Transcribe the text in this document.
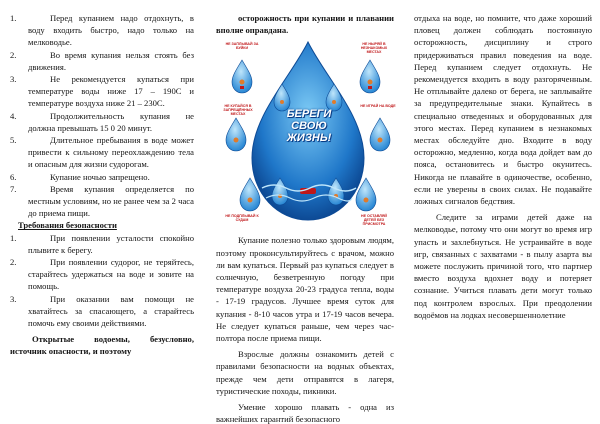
1.	Перед купанием надо отдохнуть, в воду входить быстро, надо только на мелководье.

2.	Во время купания нельзя стоять без движения.

3.	Не рекомендуется купаться при температуре воды ниже 17 – 190С и температуре воздуха ниже 21 – 230С.

4.	Продолжительность купания не должна превышать 15 0 20 минут.

5.	Длительное пребывания в воде может привести к сильному переохлаждению тела и опасным для жизни судорогам.

6.	Купание ночью запрещено.

7.	Время купания определяется по местным условиям, но не ранее чем за 2 часа до приема пищи.

Требования безопасности

1.	При появлении усталости спокойно плывите к берегу.

2.	При появлении судорог, не теряйтесь, старайтесь удержаться на воде и зовите на помощь.

3.	При оказании вам помощи не хватайтесь за спасающего, а старайтесь помочь ему своими действиями.

Открытые водоемы, безусловно, источник опасности, и поэтому

осторожность при купании и плавании вполне оправдана.

БЕРЕГИ
СВОЮ
ЖИЗНЬ!
НЕ ЗАПЛЫВАЙ ЗА БУЙКИ
НЕ НЫРЯЙ В НЕЗНАКОМЫХ МЕСТАХ
НЕ КУПАЙСЯ В ЗАПРЕЩЁННЫХ МЕСТАХ
НЕ ИГРАЙ НА ВОДЕ
НЕ ПОДПЛЫВАЙ К СУДАМ
НЕ ОСТАВЛЯЙ ДЕТЕЙ БЕЗ ПРИСМОТРА

Купание полезно только здоровым людям, поэтому проконсультируйтесь с врачом, можно ли вам купаться. Первый раз купаться следует в солнечную, безветренную погоду при температуре воздуха 20-23 градуса тепла, воды - 17-19 градусов. Лучшее время суток для купания - 8-10 часов утра и 17-19 часов вечера. Не следует купаться раньше, чем через час-полтора после приема пищи.

Взрослые должны ознакомить детей с правилами безопасности на водных объектах, прежде чем дети отправятся в лагеря, туристические походы, пикники.

Умение хорошо плавать - одна из важнейших гарантий безопасного

отдыха на воде, но помните, что даже хороший пловец должен соблюдать постоянную осторожность, дисциплину и строго придерживаться правил поведения на воде. Перед купанием следует отдохнуть. Не рекомендуется входить в воду разгоряченным. Не отплывайте далеко от берега, не заплывайте за предупредительные знаки. Купайтесь в специально отведенных и оборудованных для этого местах. Перед купанием в незнакомых местах обследуйте дно. Входите в воду осторожно, медленно, когда вода дойдет вам до пояса, остановитесь и быстро окунитесь. Никогда не плавайте в одиночестве, особенно, если не уверены в своих силах. Не подавайте ложных сигналов бедствия.

Следите за играми детей даже на мелководье, потому что они могут во время игр упасть и захлебнуться. Не устраивайте в воде игр, связанных с захватами - в пылу азарта вы можете послужить причиной того, что партнер вместо воздуха вдохнет воду и потеряет сознание. Учиться плавать дети могут только под контролем взрослых. При преодолении водоёмов на лодках несовершеннолетние
